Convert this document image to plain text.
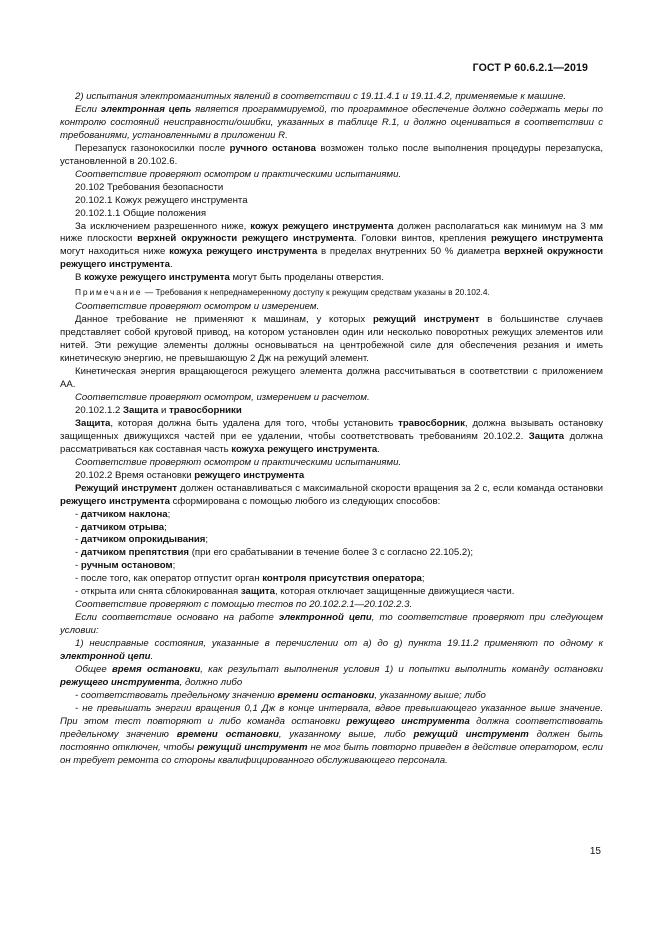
ГОСТ Р 60.6.2.1—2019

2) испытания электромагнитных явлений в соответствии с 19.11.4.1 и 19.11.4.2, применяемые к машине.

Если электронная цепь является программируемой, то программное обеспечение должно содержать меры по контролю состояний неисправности/ошибки, указанных в таблице R.1, и должно оцениваться в соответствии с требованиями, установленными в приложении R.

Перезапуск газонокосилки после ручного останова возможен только после выполнения процедуры перезапуска, установленной в 20.102.6.

Соответствие проверяют осмотром и практическими испытаниями.

20.102 Требования безопасности

20.102.1 Кожух режущего инструмента

20.102.1.1 Общие положения

За исключением разрешенного ниже, кожух режущего инструмента должен располагаться как минимум на 3 мм ниже плоскости верхней окружности режущего инструмента. Головки винтов, крепления режущего инструмента могут находиться ниже кожуха режущего инструмента в пределах внутренних 50 % диаметра верхней окружности режущего инструмента.

В кожухе режущего инструмента могут быть проделаны отверстия.

Примечание — Требования к непреднамеренному доступу к режущим средствам указаны в 20.102.4.

Соответствие проверяют осмотром и измерением.

Данное требование не применяют к машинам, у которых режущий инструмент в большинстве случаев представляет собой круговой привод, на котором установлен один или несколько поворотных режущих элементов или нитей. Эти режущие элементы должны основываться на центробежной силе для обеспечения резания и иметь кинетическую энергию, не превышающую 2 Дж на режущий элемент.

Кинетическая энергия вращающегося режущего элемента должна рассчитываться в соответствии с приложением АА.

Соответствие проверяют осмотром, измерением и расчетом.

20.102.1.2 Защита и травосборники

Защита, которая должна быть удалена для того, чтобы установить травосборник, должна вызывать остановку защищенных движущихся частей при ее удалении, чтобы соответствовать требованиям 20.102.2. Защита должна рассматриваться как составная часть кожуха режущего инструмента.

Соответствие проверяют осмотром и практическими испытаниями.

20.102.2 Время остановки режущего инструмента

Режущий инструмент должен останавливаться с максимальной скорости вращения за 2 с, если команда остановки режущего инструмента сформирована с помощью любого из следующих способов:

- датчиком наклона;
- датчиком отрыва;
- датчиком опрокидывания;
- датчиком препятствия (при его срабатывании в течение более 3 с согласно 22.105.2);
- ручным остановом;
- после того, как оператор отпустит орган контроля присутствия оператора;
- открыта или снята сблокированная защита, которая отключает защищенные движущиеся части.

Соответствие проверяют с помощью тестов по 20.102.2.1—20.102.2.3.

Если соответствие основано на работе электронной цепи, то соответствие проверяют при следующем условии:

1) неисправные состояния, указанные в перечислении от a) до g) пункта 19.11.2 применяют по одному к электронной цепи.

Общее время остановки, как результат выполнения условия 1) и попытки выполнить команду остановки режущего инструмента, должно либо

- соответствовать предельному значению времени остановки, указанному выше; либо

- не превышать энергии вращения 0,1 Дж в конце интервала, вдвое превышающего указанное выше значение. При этом тест повторяют и либо команда остановки режущего инструмента должна соответствовать предельному значению времени остановки, указанному выше, либо режущий инструмент должен быть постоянно отключен, чтобы режущий инструмент не мог быть повторно приведен в действие оператором, если он требует ремонта со стороны квалифицированного обслуживающего персонала.

15
